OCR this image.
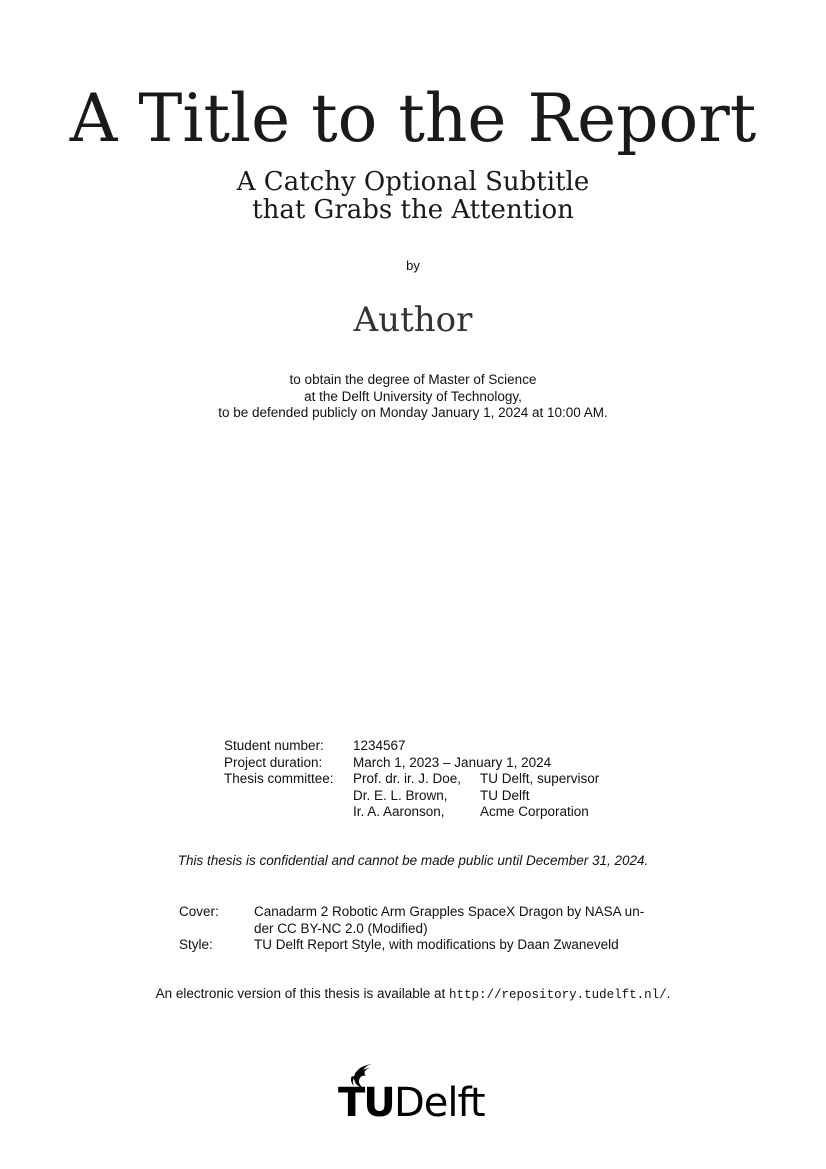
A Title to the Report
A Catchy Optional Subtitle
that Grabs the Attention
by
Author
to obtain the degree of Master of Science
at the Delft University of Technology,
to be defended publicly on Monday January 1, 2024 at 10:00 AM.
Student number:	1234567	
Project duration:	March 1, 2023 – January 1, 2024	
Thesis committee:	Prof. dr. ir. J. Doe,	TU Delft, supervisor
	Dr. E. L. Brown,	TU Delft
	Ir. A. Aaronson,	Acme Corporation
This thesis is confidential and cannot be made public until December 31, 2024.
Cover:	Canadarm 2 Robotic Arm Grapples SpaceX Dragon by NASA un-
der CC BY-NC 2.0 (Modified)

Style:	TU Delft Report Style, with modifications by Daan Zwaneveld
An electronic version of this thesis is available at http://repository.tudelft.nl/.
TU Delft
